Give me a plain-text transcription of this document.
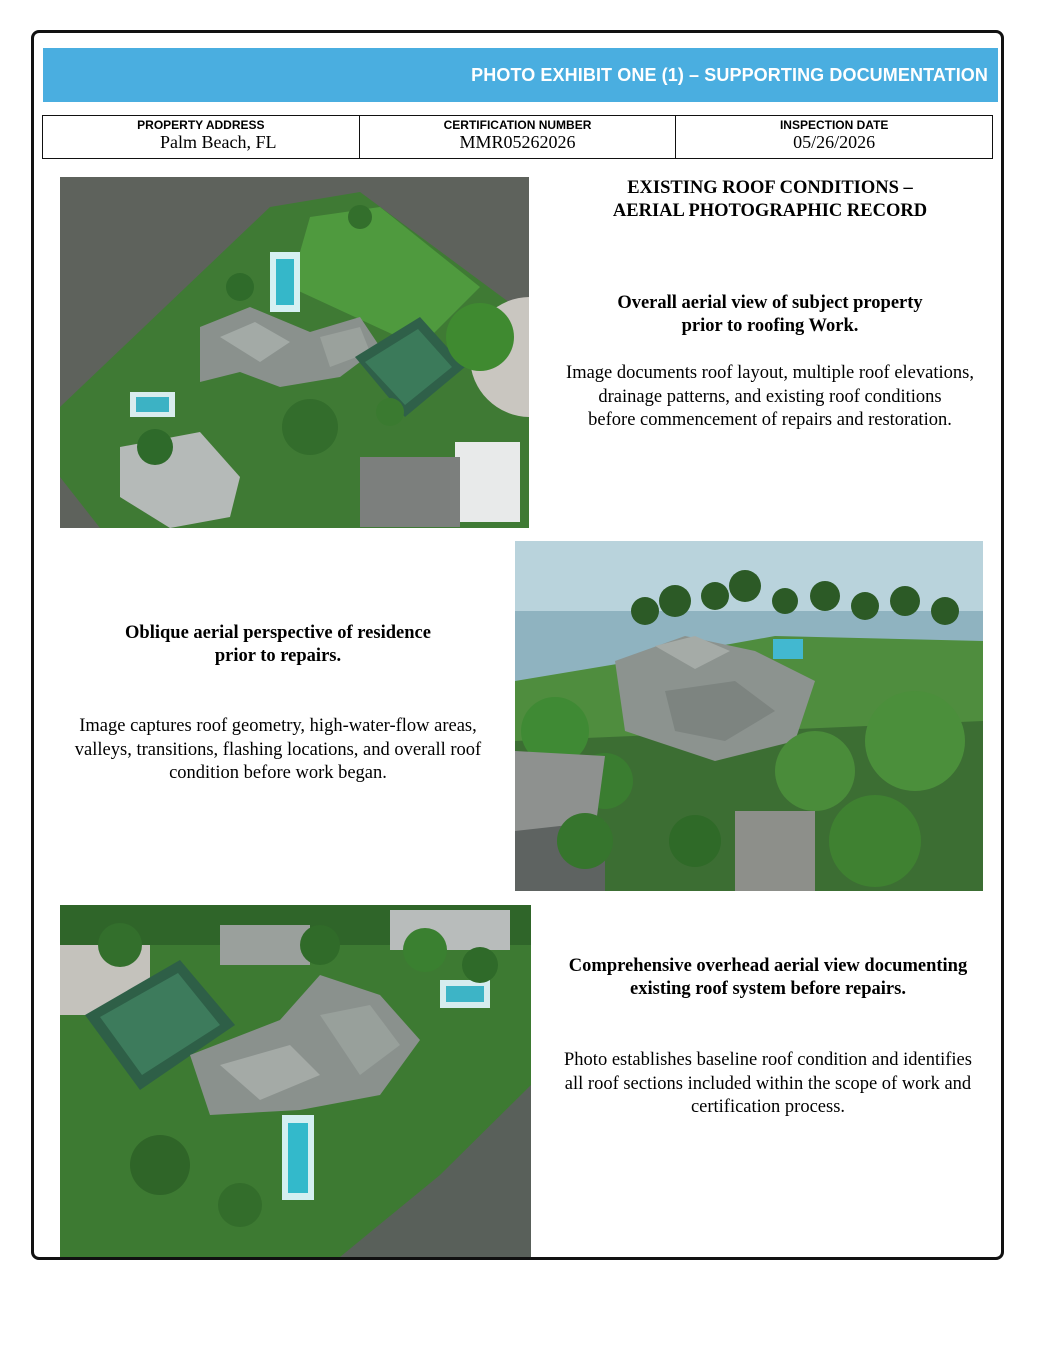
PHOTO EXHIBIT ONE (1) – SUPPORTING DOCUMENTATION
PROPERTY ADDRESS
Palm Beach, FL
CERTIFICATION NUMBER
MMR05262026
INSPECTION DATE
05/26/2026

EXISTING ROOF CONDITIONS –
AERIAL PHOTOGRAPHIC RECORD

Overall aerial view of subject property
prior to roofing Work.

Image documents roof layout, multiple roof elevations,
drainage patterns, and existing roof conditions
before commencement of repairs and restoration.

Oblique aerial perspective of residence
prior to repairs.

Image captures roof geometry, high-water-flow areas,
valleys, transitions, flashing locations, and overall roof
condition before work began.

Comprehensive overhead aerial view documenting
existing roof system before repairs.

Photo establishes baseline roof condition and identifies
all roof sections included within the scope of work and
certification process.
